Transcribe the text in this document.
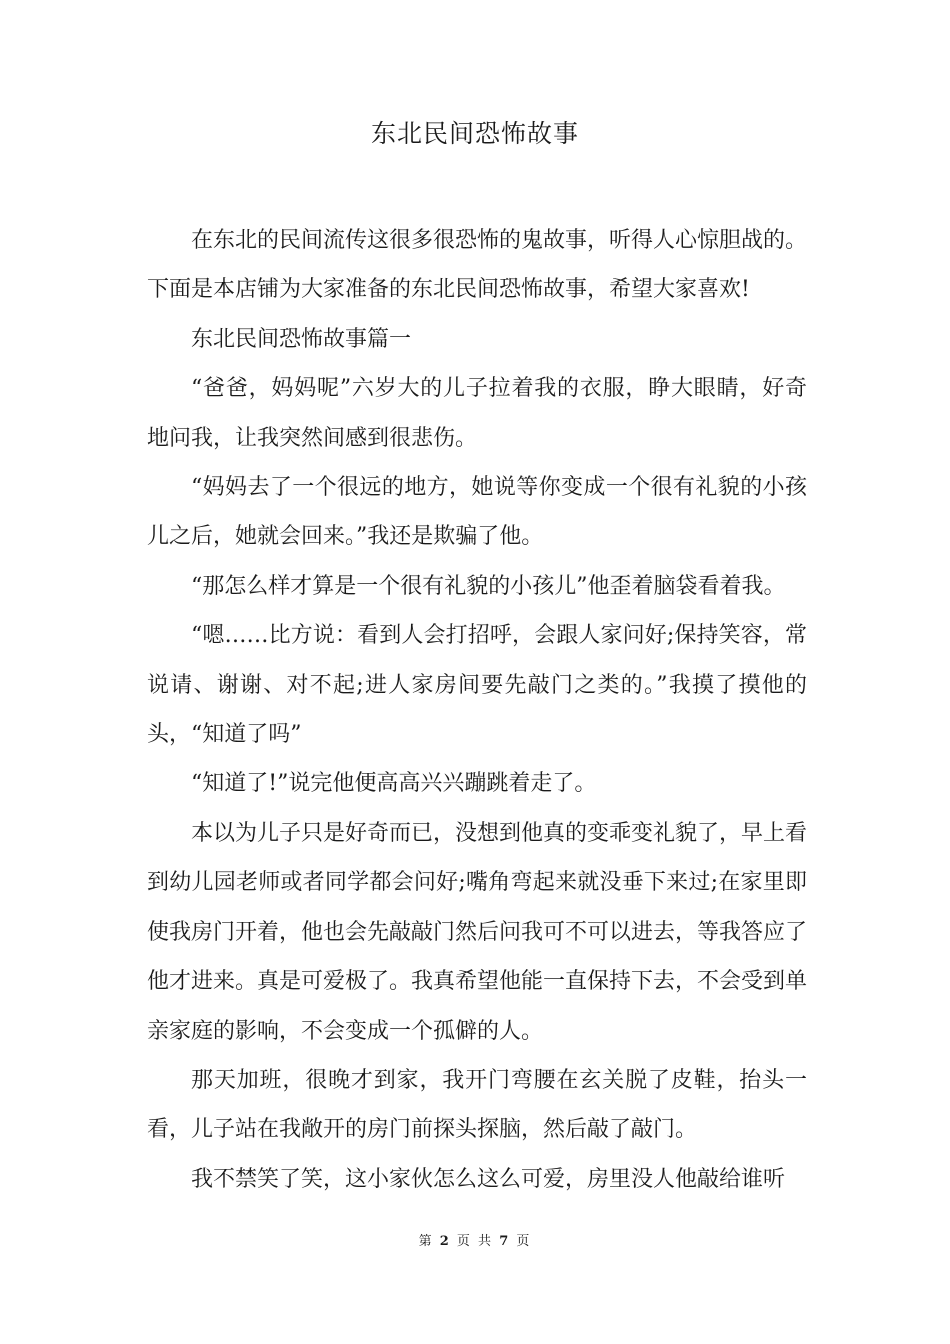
东北民间恐怖故事

在东北的民间流传这很多很恐怖的鬼故事，听得人心惊胆战的。下面是本店铺为大家准备的东北民间恐怖故事，希望大家喜欢!

东北民间恐怖故事篇一

“爸爸，妈妈呢”六岁大的儿子拉着我的衣服，睁大眼睛，好奇地问我，让我突然间感到很悲伤。

“妈妈去了一个很远的地方，她说等你变成一个很有礼貌的小孩儿之后，她就会回来。”我还是欺骗了他。

“那怎么样才算是一个很有礼貌的小孩儿”他歪着脑袋看着我。

“嗯……比方说：看到人会打招呼，会跟人家问好;保持笑容，常说请、谢谢、对不起;进人家房间要先敲门之类的。”我摸了摸他的头，“知道了吗”

“知道了!”说完他便高高兴兴蹦跳着走了。

本以为儿子只是好奇而已，没想到他真的变乖变礼貌了，早上看到幼儿园老师或者同学都会问好;嘴角弯起来就没垂下来过;在家里即使我房门开着，他也会先敲敲门然后问我可不可以进去，等我答应了他才进来。真是可爱极了。我真希望他能一直保持下去，不会受到单亲家庭的影响，不会变成一个孤僻的人。

那天加班，很晚才到家，我开门弯腰在玄关脱了皮鞋，抬头一看，儿子站在我敞开的房门前探头探脑，然后敲了敲门。

我不禁笑了笑，这小家伙怎么这么可爱，房里没人他敲给谁听

第 2 页 共 7 页
